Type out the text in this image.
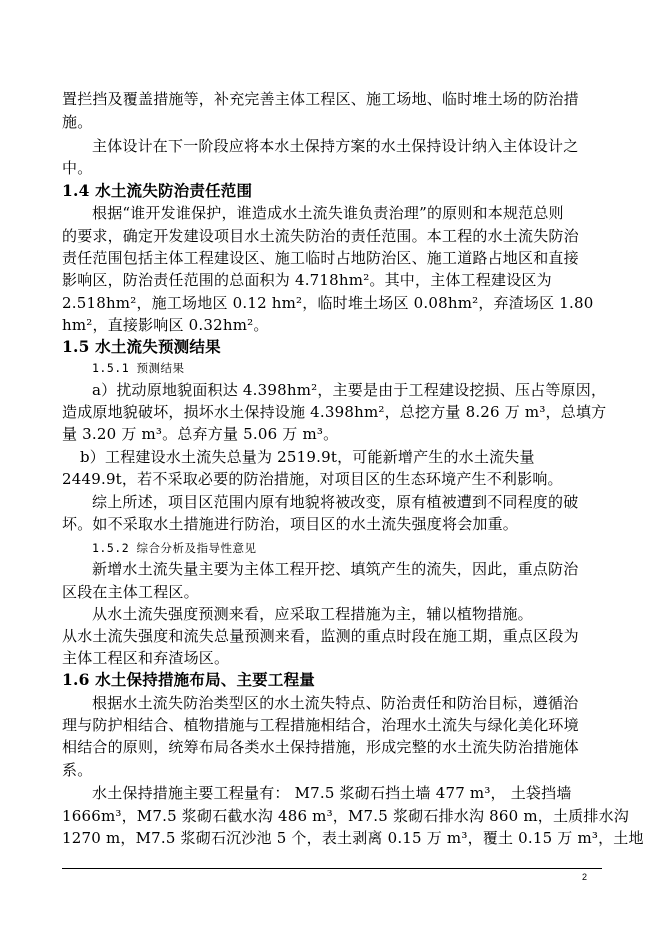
置拦挡及覆盖措施等，补充完善主体工程区、施工场地、临时堆土场的防治措
施。
主体设计在下一阶段应将本水土保持方案的水土保持设计纳入主体设计之
中。
1.4 水土流失防治责任范围
根据“谁开发谁保护，谁造成水土流失谁负责治理”的原则和本规范总则
的要求，确定开发建设项目水土流失防治的责任范围。本工程的水土流失防治
责任范围包括主体工程建设区、施工临时占地防治区、施工道路占地区和直接
影响区，防治责任范围的总面积为 4.718hm²。其中，主体工程建设区为
2.518hm²，施工场地区 0.12 hm²，临时堆土场区 0.08hm²，弃渣场区 1.80
hm²，直接影响区 0.32hm²。
1.5 水土流失预测结果
1.5.1 预测结果
a）扰动原地貌面积达 4.398hm²，主要是由于工程建设挖损、压占等原因，
造成原地貌破坏，损坏水土保持设施 4.398hm²，总挖方量 8.26 万 m³，总填方
量 3.20 万 m³。总弃方量 5.06 万 m³。
b）工程建设水土流失总量为 2519.9t，可能新增产生的水土流失量
2449.9t，若不采取必要的防治措施，对项目区的生态环境产生不利影响。
综上所述，项目区范围内原有地貌将被改变，原有植被遭到不同程度的破
坏。如不采取水土措施进行防治，项目区的水土流失强度将会加重。
1.5.2 综合分析及指导性意见
新增水土流失量主要为主体工程开挖、填筑产生的流失，因此，重点防治
区段在主体工程区。
从水土流失强度预测来看，应采取工程措施为主，辅以植物措施。
从水土流失强度和流失总量预测来看，监测的重点时段在施工期，重点区段为
主体工程区和弃渣场区。
1.6 水土保持措施布局、主要工程量
根据水土流失防治类型区的水土流失特点、防治责任和防治目标，遵循治
理与防护相结合、植物措施与工程措施相结合，治理水土流失与绿化美化环境
相结合的原则，统筹布局各类水土保持措施，形成完整的水土流失防治措施体
系。
水土保持措施主要工程量有： M7.5 浆砌石挡土墙 477 m³， 土袋挡墙
1666m³，M7.5 浆砌石截水沟 486 m³，M7.5 浆砌石排水沟 860 m，土质排水沟
1270 m，M7.5 浆砌石沉沙池 5 个，表土剥离 0.15 万 m³，覆土 0.15 万 m³，土地
2
